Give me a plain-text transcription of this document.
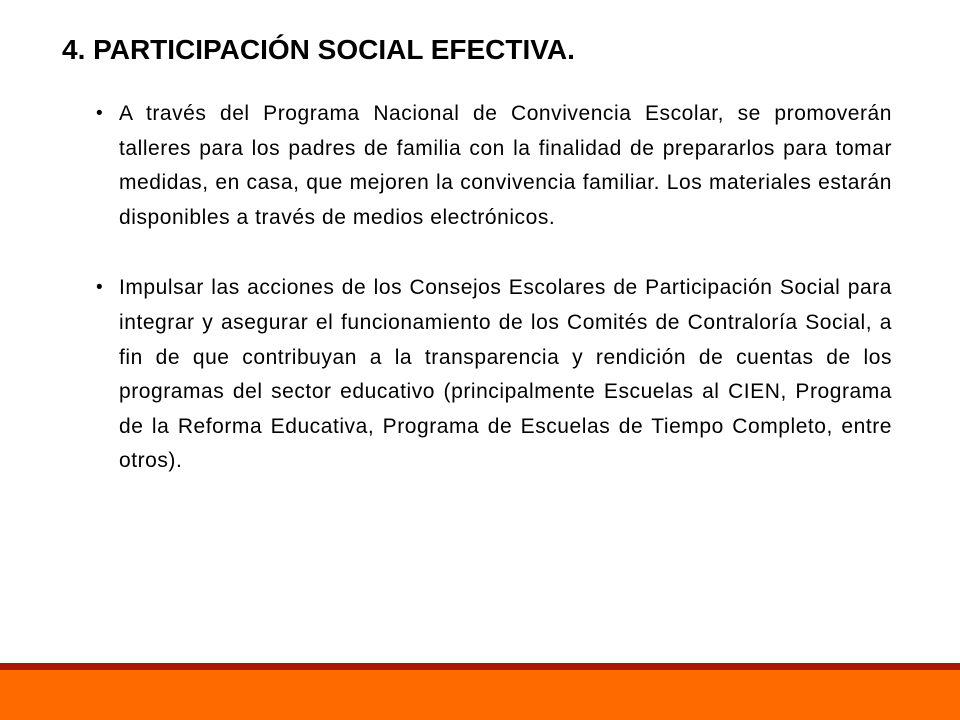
4. PARTICIPACIÓN SOCIAL EFECTIVA.
• A través del Programa Nacional de Convivencia Escolar, se promoverán talleres para los padres de familia con la finalidad de prepararlos para tomar medidas, en casa, que mejoren la convivencia familiar. Los materiales estarán disponibles a través de medios electrónicos.
• Impulsar las acciones de los Consejos Escolares de Participación Social para integrar y asegurar el funcionamiento de los Comités de Contraloría Social, a fin de que contribuyan a la transparencia y rendición de cuentas de los programas del sector educativo (principalmente Escuelas al CIEN, Programa de la Reforma Educativa, Programa de Escuelas de Tiempo Completo, entre otros).
